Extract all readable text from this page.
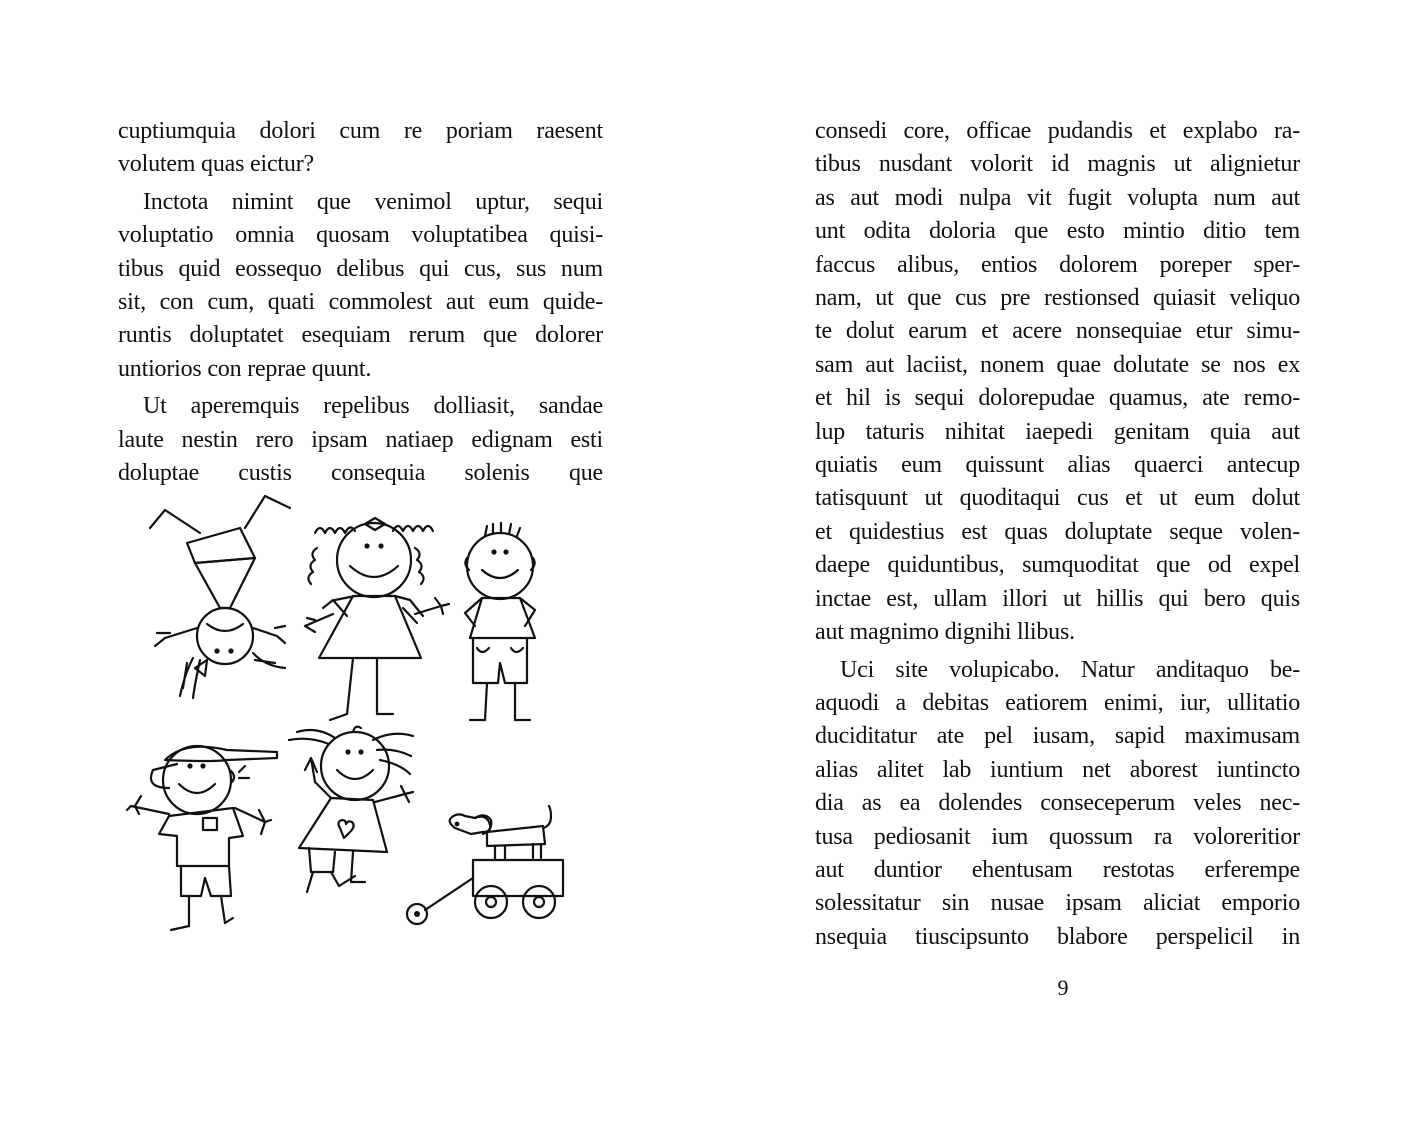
cuptiumquia dolori cum re poriam raesent
volutem quas eictur?
Inctota nimint que venimol uptur, sequi
voluptatio omnia quosam voluptatibea quisi-
tibus quid eossequo delibus qui cus, sus num
sit, con cum, quati commolest aut eum quide-
runtis doluptatet esequiam rerum que dolorer
untiorios con reprae quunt.
Ut aperemquis repelibus dolliasit, sandae
laute nestin rero ipsam natiaep edignam esti
doluptae custis consequia solenis que
consedi core, officae pudandis et explabo ra-
tibus nusdant volorit id magnis ut alignietur
as aut modi nulpa vit fugit volupta num aut
unt odita doloria que esto mintio ditio tem
faccus alibus, entios dolorem poreper sper-
nam, ut que cus pre restionsed quiasit veliquo
te dolut earum et acere nonsequiae etur simu-
sam aut laciist, nonem quae dolutate se nos ex
et hil is sequi dolorepudae quamus, ate remo-
lup taturis nihitat iaepedi genitam quia aut
quiatis eum quissunt alias quaerci antecup
tatisquunt ut quoditaqui cus et ut eum dolut
et quidestius est quas doluptate seque volen-
daepe quiduntibus, sumquoditat que od expel
inctae est, ullam illori ut hillis qui bero quis
aut magnimo dignihi llibus.
Uci site volupicabo. Natur anditaquo be-
aquodi a debitas eatiorem enimi, iur, ullitatio
duciditatur ate pel iusam, sapid maximusam
alias alitet lab iuntium net aborest iuntincto
dia as ea dolendes conseceperum veles nec-
tusa pediosanit ium quossum ra voloreritior
aut duntior ehentusam restotas erferempe
solessitatur sin nusae ipsam aliciat emporio
nsequia tiuscipsunto blabore perspelicil in
9
